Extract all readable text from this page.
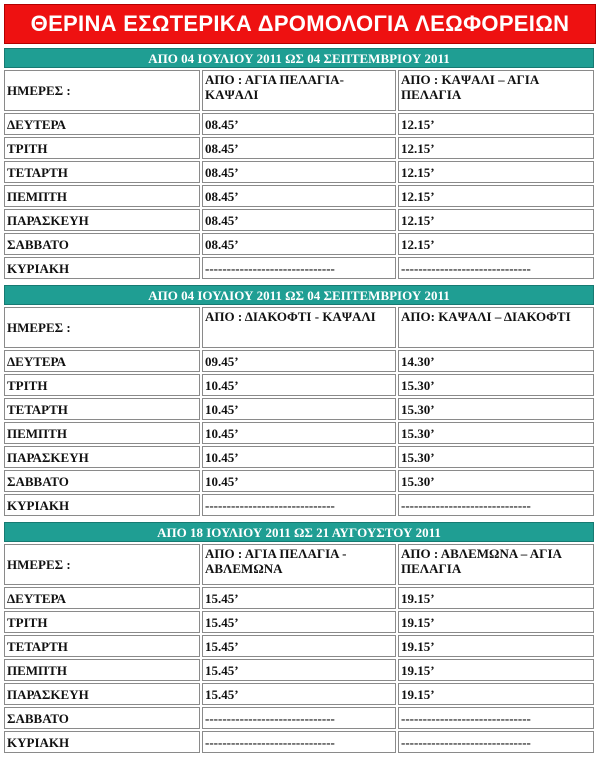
ΘΕΡΙΝΑ ΕΣΩΤΕΡΙΚΑ ΔΡΟΜΟΛΟΓΙΑ ΛΕΩΦΟΡΕΙΩΝ
ΑΠΟ 04 ΙΟΥΛΙΟΥ 2011 ΩΣ 04 ΣΕΠΤΕΜΒΡΙΟΥ 2011		
ΗΜΕΡΕΣ :	ΑΠΟ : ΑΓΙΑ ΠΕΛΑΓΙΑ-ΚΑΨΑΛΙ	ΑΠΟ : ΚΑΨΑΛΙ – ΑΓΙΑ ΠΕΛΑΓΙΑ
ΔΕΥΤΕΡΑ	08.45’	12.15’
ΤΡΙΤΗ	08.45’	12.15’
ΤΕΤΑΡΤΗ	08.45’	12.15’
ΠΕΜΠΤΗ	08.45’	12.15’
ΠΑΡΑΣΚΕΥΗ	08.45’	12.15’
ΣΑΒΒΑΤΟ	08.45’	12.15’
ΚΥΡΙΑΚΗ	------------------------------	------------------------------
ΑΠΟ 04 ΙΟΥΛΙΟΥ 2011 ΩΣ 04 ΣΕΠΤΕΜΒΡΙΟΥ 2011		
ΗΜΕΡΕΣ :	ΑΠΟ : ΔΙΑΚΟΦΤΙ - ΚΑΨΑΛΙ	ΑΠΟ: ΚΑΨΑΛΙ – ΔΙΑΚΟΦΤΙ
ΔΕΥΤΕΡΑ	09.45’	14.30’
ΤΡΙΤΗ	10.45’	15.30’
ΤΕΤΑΡΤΗ	10.45’	15.30’
ΠΕΜΠΤΗ	10.45’	15.30’
ΠΑΡΑΣΚΕΥΗ	10.45’	15.30’
ΣΑΒΒΑΤΟ	10.45’	15.30’
ΚΥΡΙΑΚΗ	------------------------------	------------------------------
ΑΠΟ 18 ΙΟΥΛΙΟΥ 2011 ΩΣ 21 ΑΥΓΟΥΣΤΟΥ 2011		
ΗΜΕΡΕΣ :	ΑΠΟ : ΑΓΙΑ ΠΕΛΑΓΙΑ - ΑΒΛΕΜΩΝΑ	ΑΠΟ : ΑΒΛΕΜΩΝΑ – ΑΓΙΑ ΠΕΛΑΓΙΑ
ΔΕΥΤΕΡΑ	15.45’	19.15’
ΤΡΙΤΗ	15.45’	19.15’
ΤΕΤΑΡΤΗ	15.45’	19.15’
ΠΕΜΠΤΗ	15.45’	19.15’
ΠΑΡΑΣΚΕΥΗ	15.45’	19.15’
ΣΑΒΒΑΤΟ	------------------------------	------------------------------
ΚΥΡΙΑΚΗ	------------------------------	------------------------------
